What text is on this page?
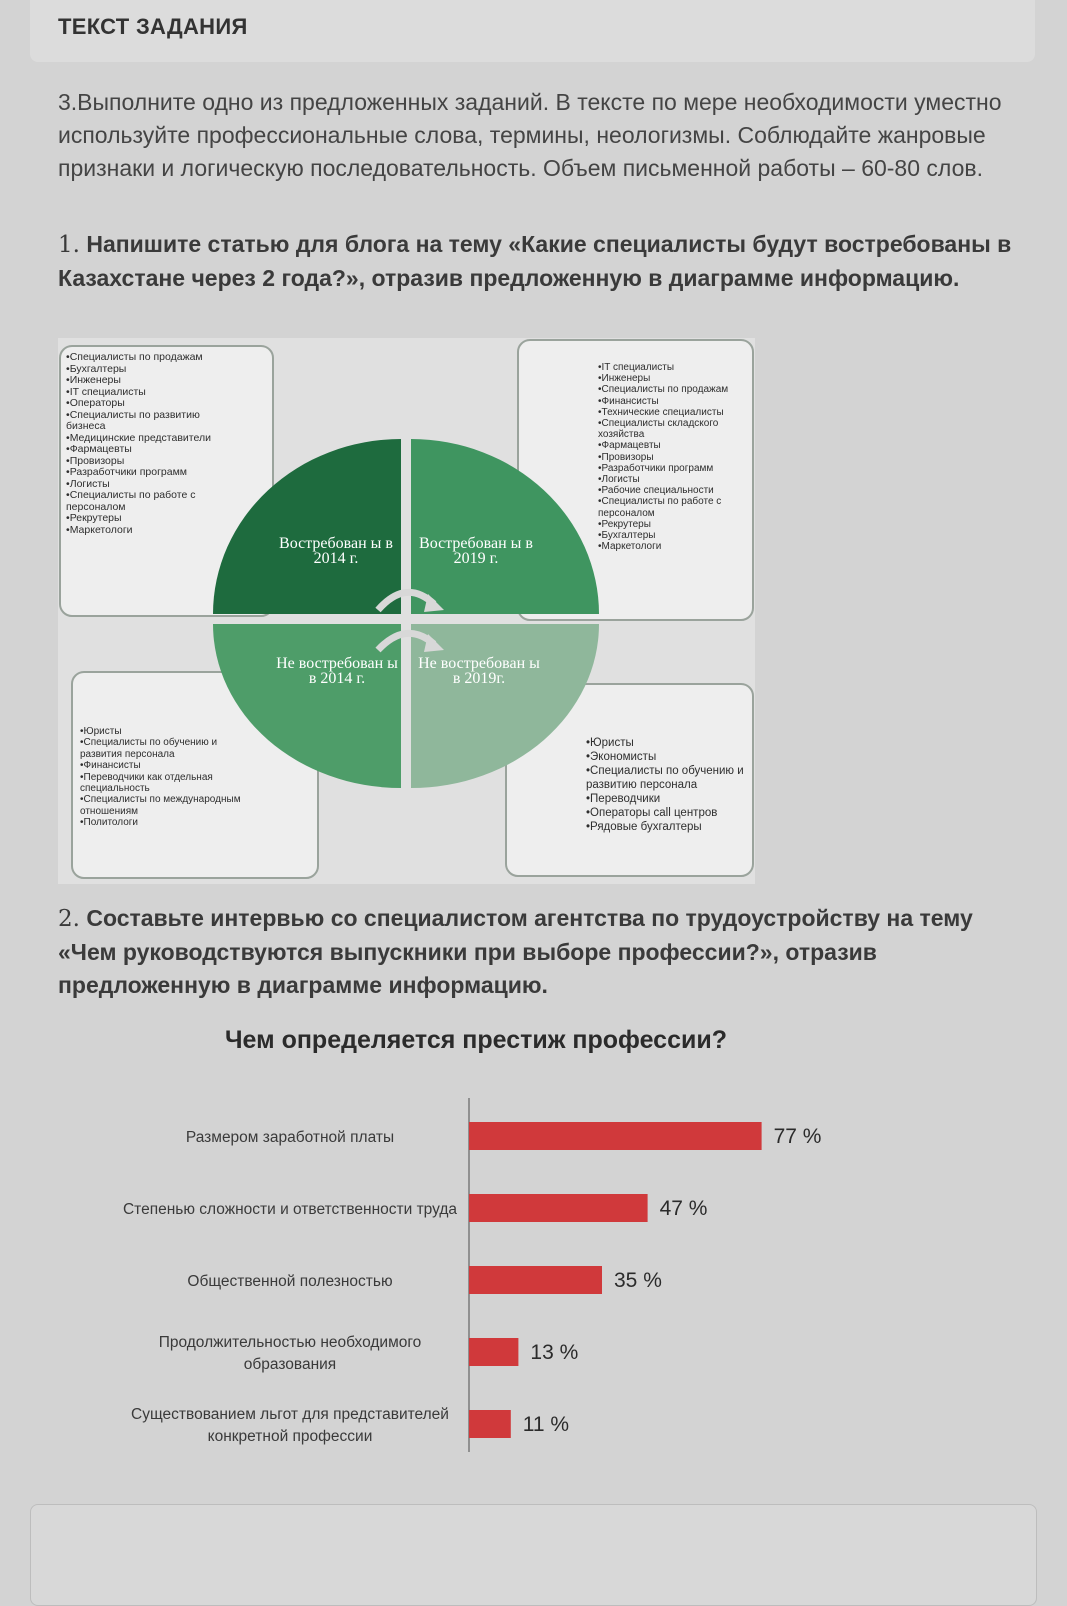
ТЕКСТ ЗАДАНИЯ
3.Выполните одно из предложенных заданий. В тексте по мере необходимости уместно используйте профессиональные слова, термины, неологизмы. Соблюдайте жанровые признаки и логическую последовательность. Объем письменной работы – 60-80 слов.
1. Напишите статью для блога на тему «Какие специалисты будут востребованы в Казахстане через 2 года?», отразив предложенную в диаграмме информацию.
Востребован ы в 2014 г.
Востребован ы в 2019 г.
Не востребован ы в 2014 г.
Не востребован ы в 2019г.
• Специалисты по продажам
• Бухгалтеры
• Инженеры
• IT специалисты
• Операторы
• Специалисты по развитию бизнеса
• Медицинские представители
• Фармацевты
• Провизоры
• Разработчики программ
• Логисты
• Специалисты по работе с персоналом
• Рекрутеры
• Маркетологи
• IT специалисты
• Инженеры
• Специалисты по продажам
• Финансисты
• Технические специалисты
• Специалисты складского хозяйства
• Фармацевты
• Провизоры
• Разработчики программ
• Логисты
• Рабочие специальности
• Специалисты по работе с персоналом
• Рекрутеры
• Бухгалтеры
• Маркетологи
• Юристы
• Специалисты по обучению и развития персонала
• Финансисты
• Переводчики как отдельная специальность
• Специалисты по международным отношениям
• Политологи
• Юристы
• Экономисты
• Специалисты по обучению и развитию персонала
• Переводчики
• Операторы call центров
• Рядовые бухгалтеры
2. Составьте интервью со специалистом агентства по трудоустройству на тему «Чем руководствуются выпускники при выборе профессии?», отразив предложенную в диаграмме информацию.
Чем определяется престиж профессии?
77 %
Размером заработной платы
47 %
Степенью сложности и ответственности труда
35 %
Общественной полезностью
13 %
Продолжительностью необходимого
образования
11 %
Существованием льгот для представителей
конкретной профессии
